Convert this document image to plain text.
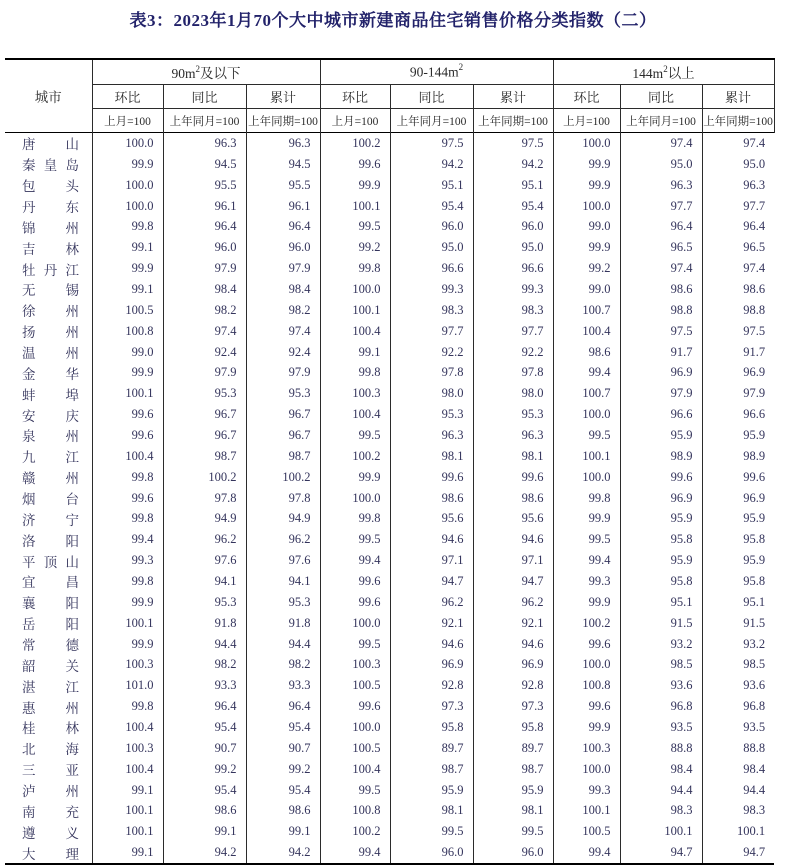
表3：2023年1月70个大中城市新建商品住宅销售价格分类指数（二）
城市	$90m^2$及以下			$90-144m^2$			$144m^2$以上		
	环比	同比	累计	环比	同比	累计	环比	同比	累计
	上月=100	上年同月=100	上年同期=100	上月=100	上年同月=100	上年同期=100	上月=100	上年同月=100	上年同期=100

唐 山	100.0	96.3	96.3	100.2	97.5	97.5	100.0	97.4	97.4

秦 皇 岛	99.9	94.5	94.5	99.6	94.2	94.2	99.9	95.0	95.0

包 头	100.0	95.5	95.5	99.9	95.1	95.1	99.9	96.3	96.3

丹 东	100.0	96.1	96.1	100.1	95.4	95.4	100.0	97.7	97.7

锦 州	99.8	96.4	96.4	99.5	96.0	96.0	99.0	96.4	96.4

吉 林	99.1	96.0	96.0	99.2	95.0	95.0	99.9	96.5	96.5

牡 丹 江	99.9	97.9	97.9	99.8	96.6	96.6	99.2	97.4	97.4

无 锡	99.1	98.4	98.4	100.0	99.3	99.3	99.0	98.6	98.6

徐 州	100.5	98.2	98.2	100.1	98.3	98.3	100.7	98.8	98.8

扬 州	100.8	97.4	97.4	100.4	97.7	97.7	100.4	97.5	97.5

温 州	99.0	92.4	92.4	99.1	92.2	92.2	98.6	91.7	91.7

金 华	99.9	97.9	97.9	99.8	97.8	97.8	99.4	96.9	96.9

蚌 埠	100.1	95.3	95.3	100.3	98.0	98.0	100.7	97.9	97.9

安 庆	99.6	96.7	96.7	100.4	95.3	95.3	100.0	96.6	96.6

泉 州	99.6	96.7	96.7	99.5	96.3	96.3	99.5	95.9	95.9

九 江	100.4	98.7	98.7	100.2	98.1	98.1	100.1	98.9	98.9

赣 州	99.8	100.2	100.2	99.9	99.6	99.6	100.0	99.6	99.6

烟 台	99.6	97.8	97.8	100.0	98.6	98.6	99.8	96.9	96.9

济 宁	99.8	94.9	94.9	99.8	95.6	95.6	99.9	95.9	95.9

洛 阳	99.4	96.2	96.2	99.5	94.6	94.6	99.5	95.8	95.8

平 顶 山	99.3	97.6	97.6	99.4	97.1	97.1	99.4	95.9	95.9

宜 昌	99.8	94.1	94.1	99.6	94.7	94.7	99.3	95.8	95.8

襄 阳	99.9	95.3	95.3	99.6	96.2	96.2	99.9	95.1	95.1

岳 阳	100.1	91.8	91.8	100.0	92.1	92.1	100.2	91.5	91.5

常 德	99.9	94.4	94.4	99.5	94.6	94.6	99.6	93.2	93.2

韶 关	100.3	98.2	98.2	100.3	96.9	96.9	100.0	98.5	98.5

湛 江	101.0	93.3	93.3	100.5	92.8	92.8	100.8	93.6	93.6

惠 州	99.8	96.4	96.4	99.6	97.3	97.3	99.6	96.8	96.8

桂 林	100.4	95.4	95.4	100.0	95.8	95.8	99.9	93.5	93.5

北 海	100.3	90.7	90.7	100.5	89.7	89.7	100.3	88.8	88.8

三 亚	100.4	99.2	99.2	100.4	98.7	98.7	100.0	98.4	98.4

泸 州	99.1	95.4	95.4	99.5	95.9	95.9	99.3	94.4	94.4

南 充	100.1	98.6	98.6	100.8	98.1	98.1	100.1	98.3	98.3

遵 义	100.1	99.1	99.1	100.2	99.5	99.5	100.5	100.1	100.1

大 理	99.1	94.2	94.2	99.4	96.0	96.0	99.4	94.7	94.7
